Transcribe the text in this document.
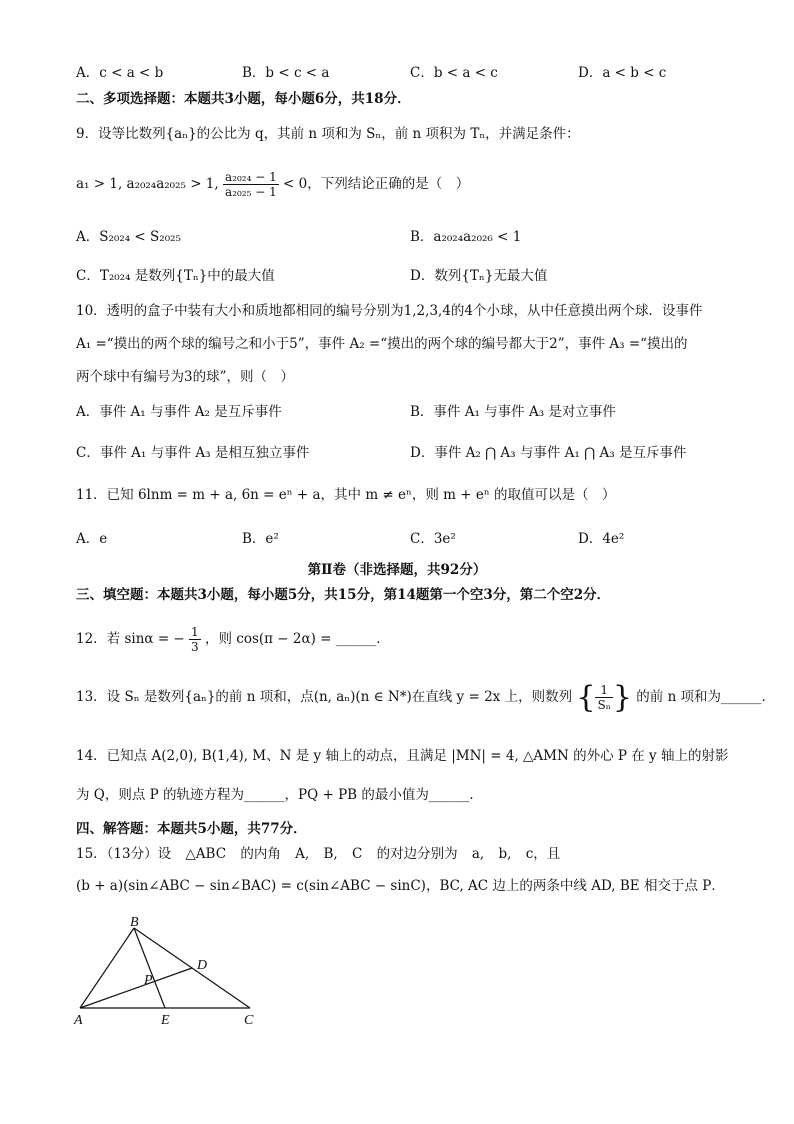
A．c < a < b	B．b < c < a	C．b < a < c	D．a < b < c
二、多项选择题：本题共3小题，每小题6分，共18分．
9．设等比数列{aₙ}的公比为 q，其前 n 项和为 Sₙ，前 n 项积为 Tₙ，并满足条件：
a₁ > 1, a₂₀₂₄a₂₀₂₅ > 1, $\frac{\text{a₂₀₂₄ − 1}}{\text{a₂₀₂₅ − 1}} < 0$，下列结论正确的是（　）
A．S₂₀₂₄ < S₂₀₂₅	B．a₂₀₂₄a₂₀₂₆ < 1
C．T₂₀₂₄ 是数列{Tₙ}中的最大值	D．数列{Tₙ}无最大值
10．透明的盒子中装有大小和质地都相同的编号分别为1,2,3,4的4个小球，从中任意摸出两个球．设事件
A₁ =“摸出的两个球的编号之和小于5”，事件 A₂ =“摸出的两个球的编号都大于2”，事件 A₃ =“摸出的
两个球中有编号为3的球”，则（　）
A．事件 A₁ 与事件 A₂ 是互斥事件	B．事件 A₁ 与事件 A₃ 是对立事件
C．事件 A₁ 与事件 A₃ 是相互独立事件	D．事件 A₂ ⋂ A₃ 与事件 A₁ ⋂ A₃ 是互斥事件
11．已知 6lnm = m + a, 6n = eⁿ + a，其中 m ≠ eⁿ，则 m + eⁿ 的取值可以是（　）
A．e	B．e²	C．3e²	D．4e²
第Ⅱ卷（非选择题，共92分）
三、填空题：本题共3小题，每小题5分，共15分，第14题第一个空3分，第二个空2分．
12．若 sinα = − $\frac{1}{3}$ ，则 cos(π − 2α) = ______．
13．设 Sₙ 是数列{aₙ}的前 n 项和，点(n, aₙ)(n ∈ N*)在直线 y = 2x 上，则数列 { $\frac{1}{\text{Sₙ}}$ } 的前 n 项和为______．
14．已知点 A(2,0), B(1,4), M、N 是 y 轴上的动点，且满足 |MN| = 4, △AMN 的外心 P 在 y 轴上的射影
为 Q，则点 P 的轨迹方程为______，PQ + PB 的最小值为______．
四、解答题：本题共5小题，共77分．
15．（13分）设 △ABC 的内角 A, B, C 的对边分别为 a, b, c，且
(b + a)(sin∠ABC − sin∠BAC) = c(sin∠ABC − sinC)，BC, AC 边上的两条中线 AD, BE 相交于点 P．
B
A	E	C
D
P
